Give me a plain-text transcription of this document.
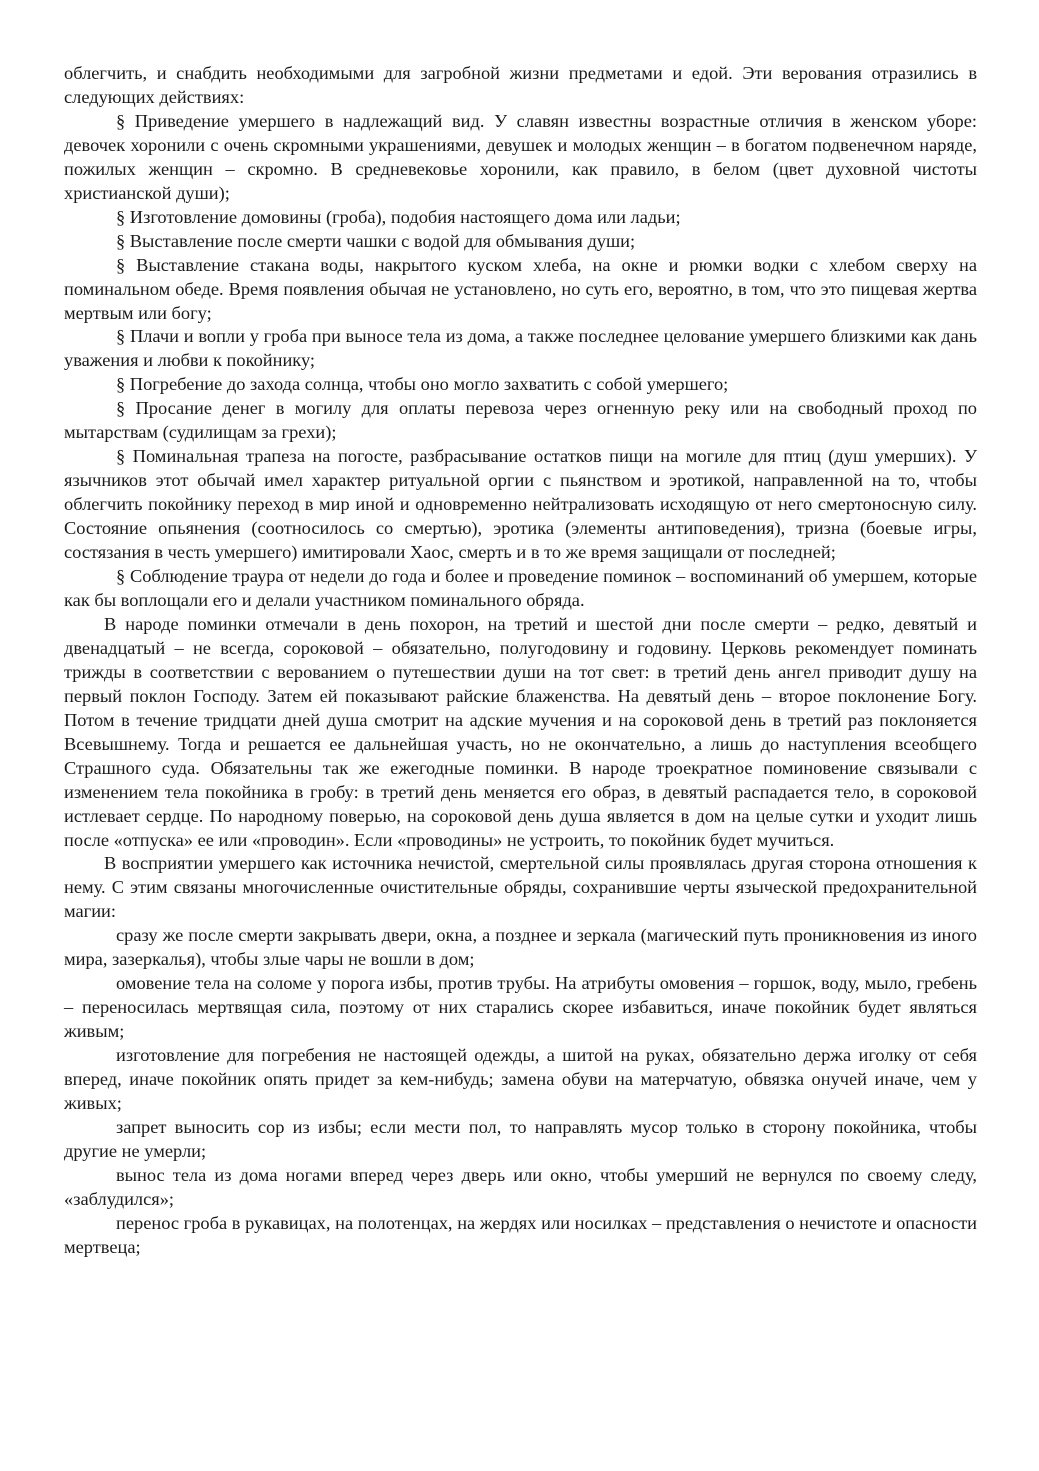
облегчить, и снабдить необходимыми для загробной жизни предметами и едой. Эти верования отразились в следующих действиях:

§ Приведение умершего в надлежащий вид. У славян известны возрастные отличия в женском уборе: девочек хоронили с очень скромными украшениями, девушек и молодых женщин – в богатом подвенечном наряде, пожилых женщин – скромно. В средневековье хоронили, как правило, в белом (цвет духовной чистоты христианской души);

§ Изготовление домовины (гроба), подобия настоящего дома или ладьи;

§ Выставление после смерти чашки с водой для обмывания души;

§ Выставление стакана воды, накрытого куском хлеба, на окне и рюмки водки с хлебом сверху на поминальном обеде. Время появления обычая не установлено, но суть его, вероятно, в том, что это пищевая жертва мертвым или богу;

§ Плачи и вопли у гроба при выносе тела из дома, а также последнее целование умершего близкими как дань уважения и любви к покойнику;

§ Погребение до захода солнца, чтобы оно могло захватить с собой умершего;

§ Просание денег в могилу для оплаты перевоза через огненную реку или на свободный проход по мытарствам (судилищам за грехи);

§ Поминальная трапеза на погосте, разбрасывание остатков пищи на могиле для птиц (душ умерших). У язычников этот обычай имел характер ритуальной оргии с пьянством и эротикой, направленной на то, чтобы облегчить покойнику переход в мир иной и одновременно нейтрализовать исходящую от него смертоносную силу. Состояние опьянения (соотносилось со смертью), эротика (элементы антиповедения), тризна (боевые игры, состязания в честь умершего) имитировали Хаос, смерть и в то же время защищали от последней;

§ Соблюдение траура от недели до года и более и проведение поминок – воспоминаний об умершем, которые как бы воплощали его и делали участником поминального обряда.

В народе поминки отмечали в день похорон, на третий и шестой дни после смерти – редко, девятый и двенадцатый – не всегда, сороковой – обязательно, полугодовину и годовину. Церковь рекомендует поминать трижды в соответствии с верованием о путешествии души на тот свет: в третий день ангел приводит душу на первый поклон Господу. Затем ей показывают райские блаженства. На девятый день – второе поклонение Богу. Потом в течение тридцати дней душа смотрит на адские мучения и на сороковой день в третий раз поклоняется Всевышнему. Тогда и решается ее дальнейшая участь, но не окончательно, а лишь до наступления всеобщего Страшного суда. Обязательны так же ежегодные поминки. В народе троекратное поминовение связывали с изменением тела покойника в гробу: в третий день меняется его образ, в девятый распадается тело, в сороковой истлевает сердце. По народному поверью, на сороковой день душа является в дом на целые сутки и уходит лишь после «отпуска» ее или «проводин». Если «проводины» не устроить, то покойник будет мучиться.

В восприятии умершего как источника нечистой, смертельной силы проявлялась другая сторона отношения к нему. С этим связаны многочисленные очистительные обряды, сохранившие черты языческой предохранительной магии:

сразу же после смерти закрывать двери, окна, а позднее и зеркала (магический путь проникновения из иного мира, зазеркалья), чтобы злые чары не вошли в дом;

омовение тела на соломе у порога избы, против трубы. На атрибуты омовения – горшок, воду, мыло, гребень – переносилась мертвящая сила, поэтому от них старались скорее избавиться, иначе покойник будет являться живым;

изготовление для погребения не настоящей одежды, а шитой на руках, обязательно держа иголку от себя вперед, иначе покойник опять придет за кем-нибудь; замена обуви на матерчатую, обвязка онучей иначе, чем у живых;

запрет выносить сор из избы; если мести пол, то направлять мусор только в сторону покойника, чтобы другие не умерли;

вынос тела из дома ногами вперед через дверь или окно, чтобы умерший не вернулся по своему следу, «заблудился»;

перенос гроба в рукавицах, на полотенцах, на жердях или носилках – представления о нечистоте и опасности мертвеца;
